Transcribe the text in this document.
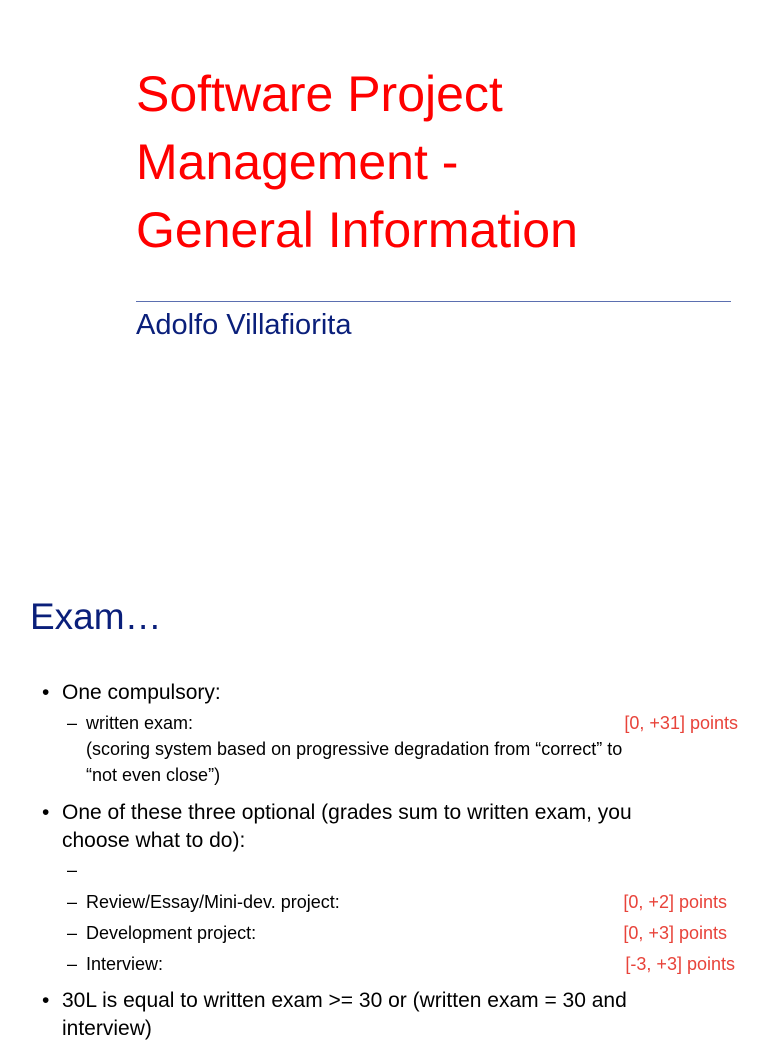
Software Project
Management -
General Information
Adolfo Villafiorita
Exam…
• One compulsory:
– written exam:	[0, +31] points
(scoring system based on progressive degradation from “correct” to
“not even close”)
• One of these three optional (grades sum to written exam, you
choose what to do):
–
– Review/Essay/Mini-dev. project:	[0, +2] points
– Development project:	[0, +3] points
– Interview:	[-3, +3] points
• 30L is equal to written exam >= 30 or (written exam = 30 and
interview)
